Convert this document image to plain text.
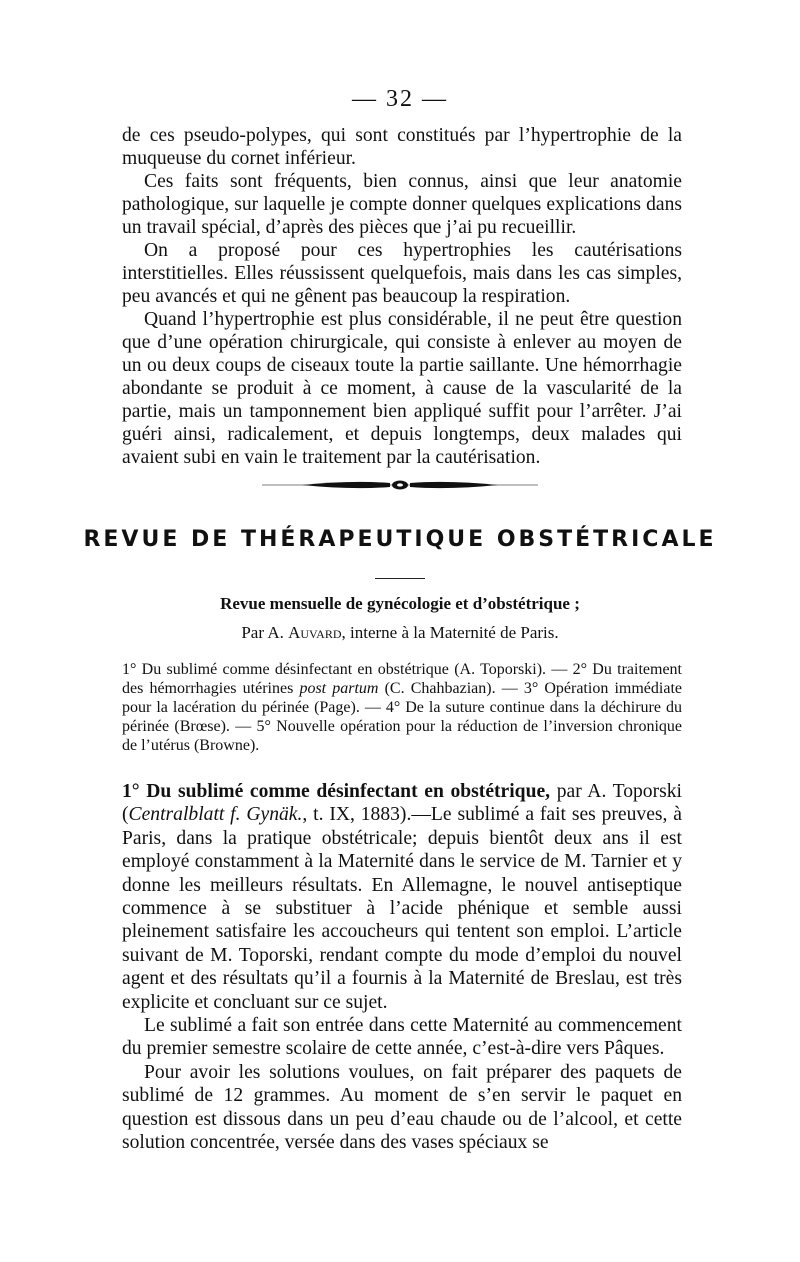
— 32 —

de ces pseudo-polypes, qui sont constitués par l’hypertrophie de la muqueuse du cornet inférieur.

Ces faits sont fréquents, bien connus, ainsi que leur anatomie pathologique, sur laquelle je compte donner quelques explications dans un travail spécial, d’après des pièces que j’ai pu recueillir.

On a proposé pour ces hypertrophies les cautérisations interstitielles. Elles réussissent quelquefois, mais dans les cas simples, peu avancés et qui ne gênent pas beaucoup la respiration.

Quand l’hypertrophie est plus considérable, il ne peut être question que d’une opération chirurgicale, qui consiste à enlever au moyen de un ou deux coups de ciseaux toute la partie saillante. Une hémorrhagie abondante se produit à ce moment, à cause de la vascularité de la partie, mais un tamponnement bien appliqué suffit pour l’arrêter. J’ai guéri ainsi, radicalement, et depuis longtemps, deux malades qui avaient subi en vain le traitement par la cautérisation.

REVUE DE THÉRAPEUTIQUE OBSTÉTRICALE
Revue mensuelle de gynécologie et d’obstétrique ;
Par A. Auvard, interne à la Maternité de Paris.

1° Du sublimé comme désinfectant en obstétrique (A. Toporski). — 2° Du traitement des hémorrhagies utérines post partum (C. Chahbazian). — 3° Opération immédiate pour la lacération du périnée (Page). — 4° De la suture continue dans la déchirure du périnée (Brœse). — 5° Nouvelle opération pour la réduction de l’inversion chronique de l’utérus (Browne).

1° Du sublimé comme désinfectant en obstétrique, par A. Toporski (Centralblatt f. Gynäk., t. IX, 1883).—Le sublimé a fait ses preuves, à Paris, dans la pratique obstétricale; depuis bientôt deux ans il est employé constamment à la Maternité dans le service de M. Tarnier et y donne les meilleurs résultats. En Allemagne, le nouvel antiseptique commence à se substituer à l’acide phénique et semble aussi pleinement satisfaire les accoucheurs qui tentent son emploi. L’article suivant de M. Toporski, rendant compte du mode d’emploi du nouvel agent et des résultats qu’il a fournis à la Maternité de Breslau, est très explicite et concluant sur ce sujet.

Le sublimé a fait son entrée dans cette Maternité au commencement du premier semestre scolaire de cette année, c’est-à-dire vers Pâques.

Pour avoir les solutions voulues, on fait préparer des paquets de sublimé de 12 grammes. Au moment de s’en servir le paquet en question est dissous dans un peu d’eau chaude ou de l’alcool, et cette solution concentrée, versée dans des vases spéciaux se
